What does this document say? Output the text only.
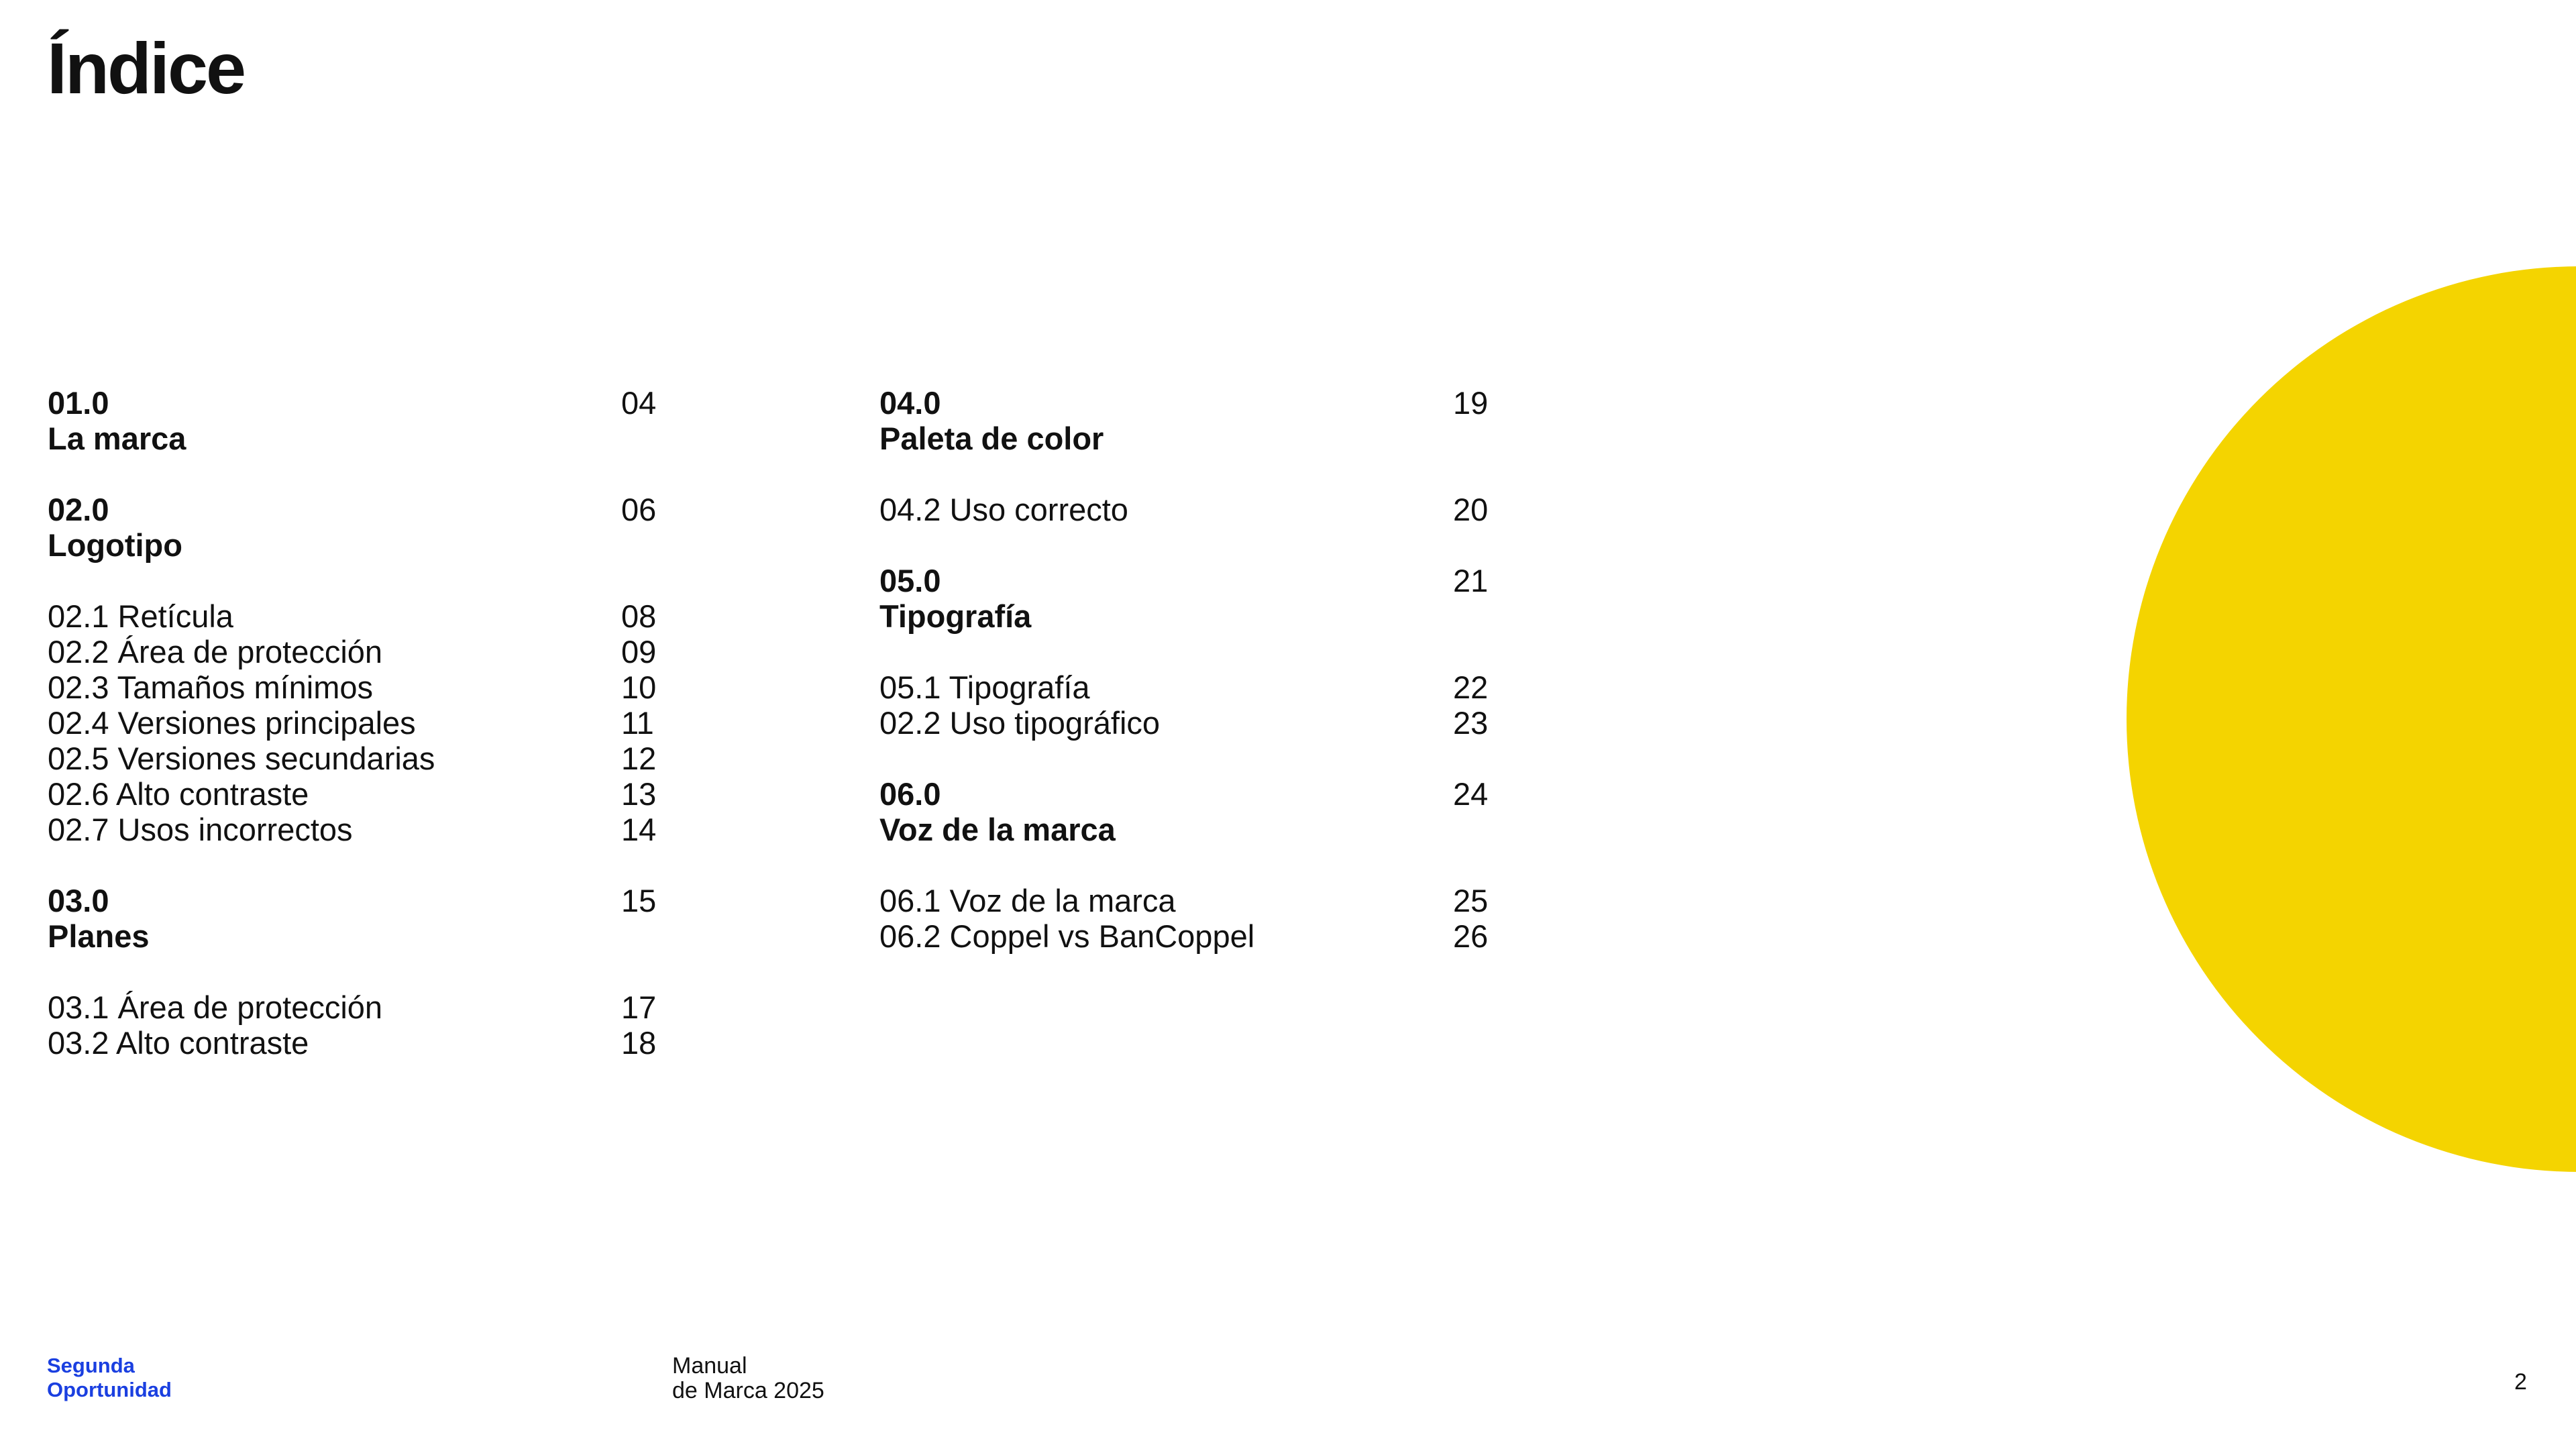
Índice
01.0	04
La marca
02.0	06
Logotipo
02.1 Retícula	08
02.2 Área de protección	09
02.3 Tamaños mínimos	10
02.4 Versiones principales	11
02.5 Versiones secundarias	12
02.6 Alto contraste	13
02.7 Usos incorrectos	14
03.0	15
Planes
03.1 Área de protección	17
03.2 Alto contraste	18
04.0	19
Paleta de color
04.2 Uso correcto	20
05.0	21
Tipografía
05.1 Tipografía	22
02.2 Uso tipográfico	23
06.0	24
Voz de la marca
06.1 Voz de la marca	25
06.2 Coppel vs BanCoppel	26
Segunda
Oportunidad
Manual
de Marca 2025	2
